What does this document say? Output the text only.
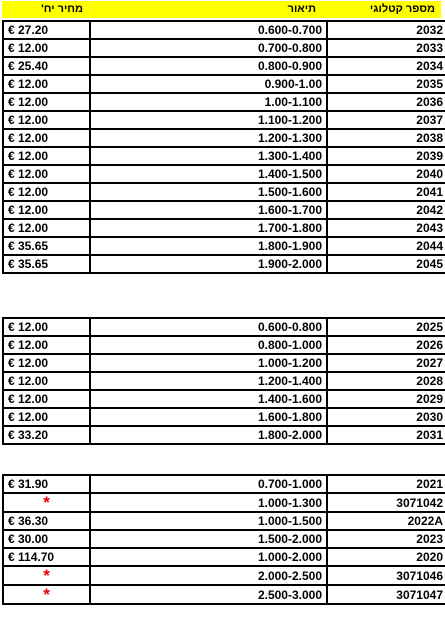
מחיר יח'	תיאור	מספר קטלוגי
€ 27.20	0.600-0.700	2032

€ 12.00	0.700-0.800	2033

€ 25.40	0.800-0.900	2034

€ 12.00	0.900-1.00	2035

€ 12.00	1.00-1.100	2036

€ 12.00	1.100-1.200	2037

€ 12.00	1.200-1.300	2038

€ 12.00	1.300-1.400	2039

€ 12.00	1.400-1.500	2040

€ 12.00	1.500-1.600	2041

€ 12.00	1.600-1.700	2042

€ 12.00	1.700-1.800	2043

€ 35.65	1.800-1.900	2044

€ 35.65	1.900-2.000	2045
€ 12.00	0.600-0.800	2025

€ 12.00	0.800-1.000	2026

€ 12.00	1.000-1.200	2027

€ 12.00	1.200-1.400	2028

€ 12.00	1.400-1.600	2029

€ 12.00	1.600-1.800	2030

€ 33.20	1.800-2.000	2031
€ 31.90	0.700-1.000	2021

*	1.000-1.300	3071042

€ 36.30	1.000-1.500	2022A

€ 30.00	1.500-2.000	2023

€ 114.70	1.000-2.000	2020

*	2.000-2.500	3071046

*	2.500-3.000	3071047
